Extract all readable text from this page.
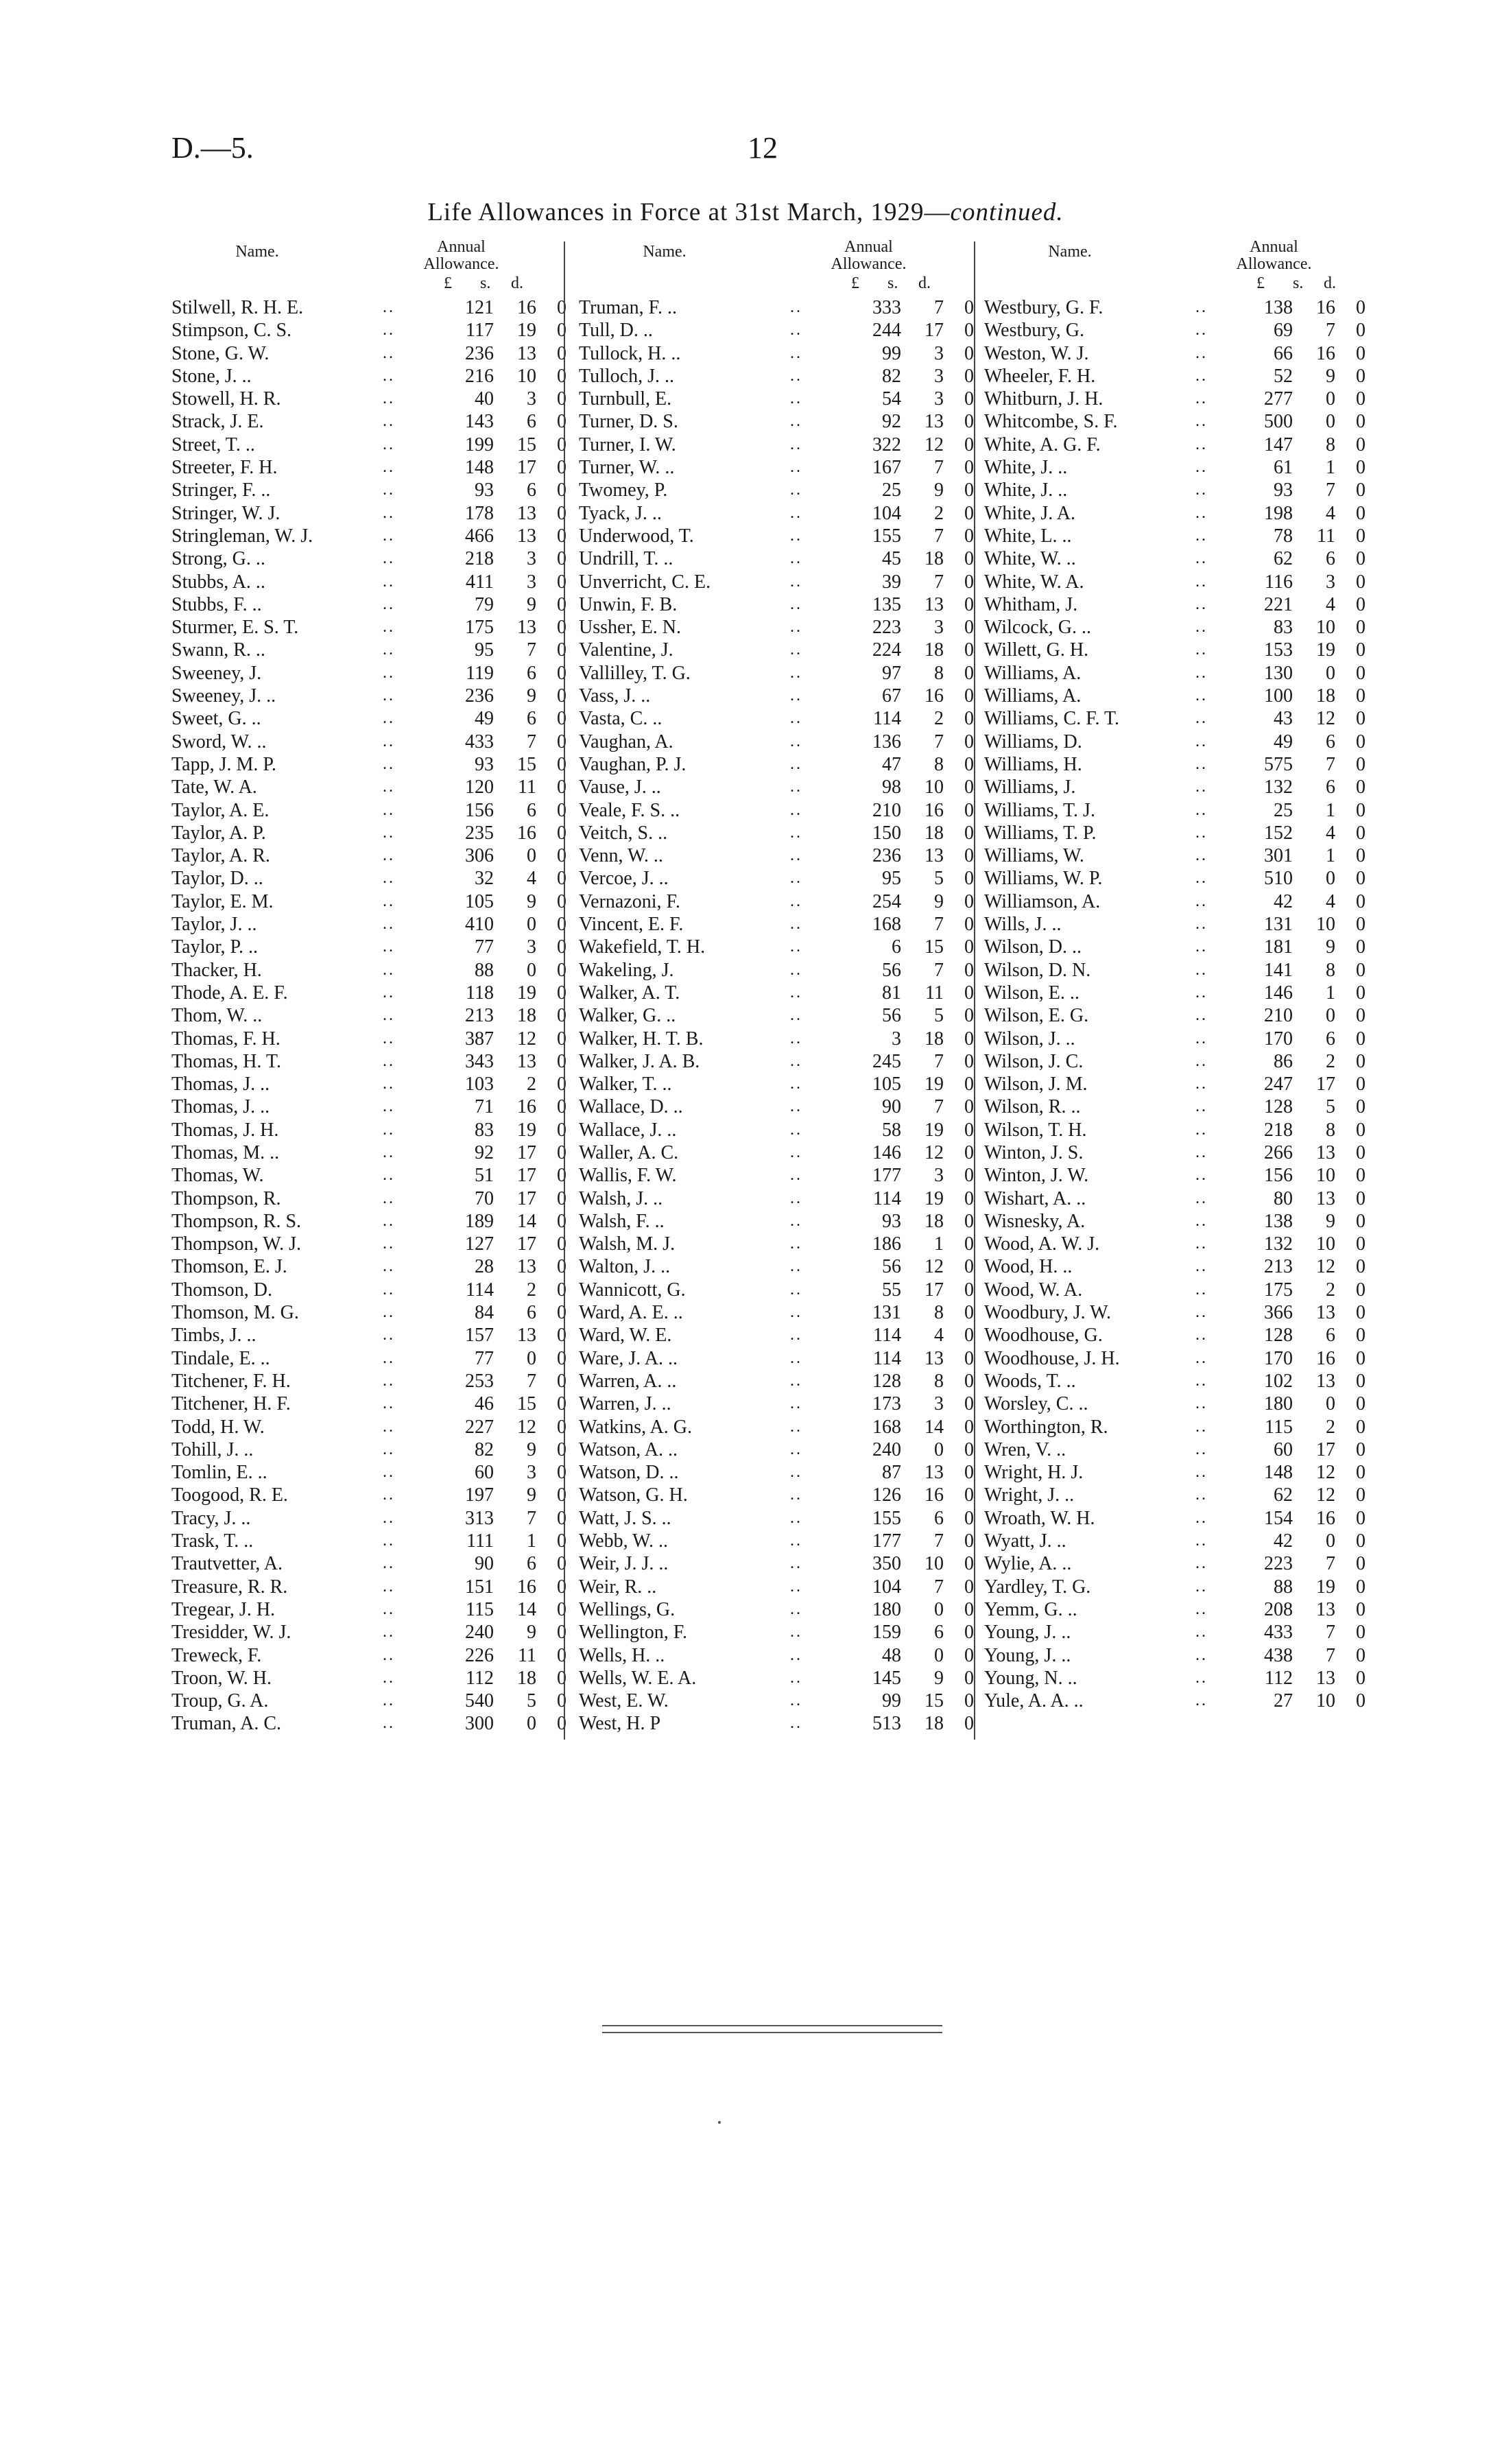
D.—5.	12
Life Allowances in Force at 31st March, 1929—continued.
Name.	Annual
Allowance.
£ s. d.
Stilwell, R. H. E.	..	121 16 0
Stimpson, C. S.	..	117 19 0
Stone, G. W.	..	236 13 0
Stone, J. ..	..	216 10 0
Stowell, H. R.	..	40 3 0
Strack, J. E.	..	143 6 0
Street, T. ..	..	199 15 0
Streeter, F. H.	..	148 17 0
Stringer, F. ..	..	93 6 0
Stringer, W. J.	..	178 13 0
Stringleman, W. J.	..	466 13 0
Strong, G. ..	..	218 3 0
Stubbs, A. ..	..	411 3 0
Stubbs, F. ..	..	79 9 0
Sturmer, E. S. T.	..	175 13 0
Swann, R. ..	..	95 7 0
Sweeney, J.	..	119 6 0
Sweeney, J. ..	..	236 9 0
Sweet, G. ..	..	49 6 0
Sword, W. ..	..	433 7 0
Tapp, J. M. P.	..	93 15 0
Tate, W. A.	..	120 11 0
Taylor, A. E.	..	156 6 0
Taylor, A. P.	..	235 16 0
Taylor, A. R.	..	306 0 0
Taylor, D. ..	..	32 4 0
Taylor, E. M.	..	105 9 0
Taylor, J. ..	..	410 0 0
Taylor, P. ..	..	77 3 0
Thacker, H.	..	88 0 0
Thode, A. E. F.	..	118 19 0
Thom, W. ..	..	213 18 0
Thomas, F. H.	..	387 12 0
Thomas, H. T.	..	343 13 0
Thomas, J. ..	..	103 2 0
Thomas, J. ..	..	71 16 0
Thomas, J. H.	..	83 19 0
Thomas, M. ..	..	92 17 0
Thomas, W.	..	51 17 0
Thompson, R.	..	70 17 0
Thompson, R. S.	..	189 14 0
Thompson, W. J.	..	127 17 0
Thomson, E. J.	..	28 13 0
Thomson, D.	..	114 2 0
Thomson, M. G.	..	84 6 0
Timbs, J. ..	..	157 13 0
Tindale, E. ..	..	77 0 0
Titchener, F. H.	..	253 7 0
Titchener, H. F.	..	46 15 0
Todd, H. W.	..	227 12 0
Tohill, J. ..	..	82 9 0
Tomlin, E. ..	..	60 3 0
Toogood, R. E.	..	197 9 0
Tracy, J. ..	..	313 7 0
Trask, T. ..	..	111 1 0
Trautvetter, A.	..	90 6 0
Treasure, R. R.	..	151 16 0
Tregear, J. H.	..	115 14 0
Tresidder, W. J.	..	240 9 0
Treweck, F.	..	226 11 0
Troon, W. H.	..	112 18 0
Troup, G. A.	..	540 5 0
Truman, A. C.	..	300 0 0
Name.	Annual
Allowance.
£ s. d.
Truman, F. ..	..	333 7 0
Tull, D. ..	..	244 17 0
Tullock, H. ..	..	99 3 0
Tulloch, J. ..	..	82 3 0
Turnbull, E.	..	54 3 0
Turner, D. S.	..	92 13 0
Turner, I. W.	..	322 12 0
Turner, W. ..	..	167 7 0
Twomey, P.	..	25 9 0
Tyack, J. ..	..	104 2 0
Underwood, T.	..	155 7 0
Undrill, T. ..	..	45 18 0
Unverricht, C. E.	..	39 7 0
Unwin, F. B.	..	135 13 0
Ussher, E. N.	..	223 3 0
Valentine, J.	..	224 18 0
Vallilley, T. G.	..	97 8 0
Vass, J. ..	..	67 16 0
Vasta, C. ..	..	114 2 0
Vaughan, A.	..	136 7 0
Vaughan, P. J.	..	47 8 0
Vause, J. ..	..	98 10 0
Veale, F. S. ..	..	210 16 0
Veitch, S. ..	..	150 18 0
Venn, W. ..	..	236 13 0
Vercoe, J. ..	..	95 5 0
Vernazoni, F.	..	254 9 0
Vincent, E. F.	..	168 7 0
Wakefield, T. H.	..	6 15 0
Wakeling, J.	..	56 7 0
Walker, A. T.	..	81 11 0
Walker, G. ..	..	56 5 0
Walker, H. T. B.	..	3 18 0
Walker, J. A. B.	..	245 7 0
Walker, T. ..	..	105 19 0
Wallace, D. ..	..	90 7 0
Wallace, J. ..	..	58 19 0
Waller, A. C.	..	146 12 0
Wallis, F. W.	..	177 3 0
Walsh, J. ..	..	114 19 0
Walsh, F. ..	..	93 18 0
Walsh, M. J.	..	186 1 0
Walton, J. ..	..	56 12 0
Wannicott, G.	..	55 17 0
Ward, A. E. ..	..	131 8 0
Ward, W. E.	..	114 4 0
Ware, J. A. ..	..	114 13 0
Warren, A. ..	..	128 8 0
Warren, J. ..	..	173 3 0
Watkins, A. G.	..	168 14 0
Watson, A. ..	..	240 0 0
Watson, D. ..	..	87 13 0
Watson, G. H.	..	126 16 0
Watt, J. S. ..	..	155 6 0
Webb, W. ..	..	177 7 0
Weir, J. J. ..	..	350 10 0
Weir, R. ..	..	104 7 0
Wellings, G.	..	180 0 0
Wellington, F.	..	159 6 0
Wells, H. ..	..	48 0 0
Wells, W. E. A.	..	145 9 0
West, E. W.	..	99 15 0
West, H. P	..	513 18 0
Name.	Annual
Allowance.
£ s. d.
Westbury, G. F.	..	138 16 0
Westbury, G.	..	69 7 0
Weston, W. J.	..	66 16 0
Wheeler, F. H.	..	52 9 0
Whitburn, J. H.	..	277 0 0
Whitcombe, S. F.	..	500 0 0
White, A. G. F.	..	147 8 0
White, J. ..	..	61 1 0
White, J. ..	..	93 7 0
White, J. A.	..	198 4 0
White, L. ..	..	78 11 0
White, W. ..	..	62 6 0
White, W. A.	..	116 3 0
Whitham, J.	..	221 4 0
Wilcock, G. ..	..	83 10 0
Willett, G. H.	..	153 19 0
Williams, A.	..	130 0 0
Williams, A.	..	100 18 0
Williams, C. F. T.	..	43 12 0
Williams, D.	..	49 6 0
Williams, H.	..	575 7 0
Williams, J.	..	132 6 0
Williams, T. J.	..	25 1 0
Williams, T. P.	..	152 4 0
Williams, W.	..	301 1 0
Williams, W. P.	..	510 0 0
Williamson, A.	..	42 4 0
Wills, J. ..	..	131 10 0
Wilson, D. ..	..	181 9 0
Wilson, D. N.	..	141 8 0
Wilson, E. ..	..	146 1 0
Wilson, E. G.	..	210 0 0
Wilson, J. ..	..	170 6 0
Wilson, J. C.	..	86 2 0
Wilson, J. M.	..	247 17 0
Wilson, R. ..	..	128 5 0
Wilson, T. H.	..	218 8 0
Winton, J. S.	..	266 13 0
Winton, J. W.	..	156 10 0
Wishart, A. ..	..	80 13 0
Wisnesky, A.	..	138 9 0
Wood, A. W. J.	..	132 10 0
Wood, H. ..	..	213 12 0
Wood, W. A.	..	175 2 0
Woodbury, J. W.	..	366 13 0
Woodhouse, G.	..	128 6 0
Woodhouse, J. H.	..	170 16 0
Woods, T. ..	..	102 13 0
Worsley, C. ..	..	180 0 0
Worthington, R.	..	115 2 0
Wren, V. ..	..	60 17 0
Wright, H. J.	..	148 12 0
Wright, J. ..	..	62 12 0
Wroath, W. H.	..	154 16 0
Wyatt, J. ..	..	42 0 0
Wylie, A. ..	..	223 7 0
Yardley, T. G.	..	88 19 0
Yemm, G. ..	..	208 13 0
Young, J. ..	..	433 7 0
Young, J. ..	..	438 7 0
Young, N. ..	..	112 13 0
Yule, A. A. ..	..	27 10 0
